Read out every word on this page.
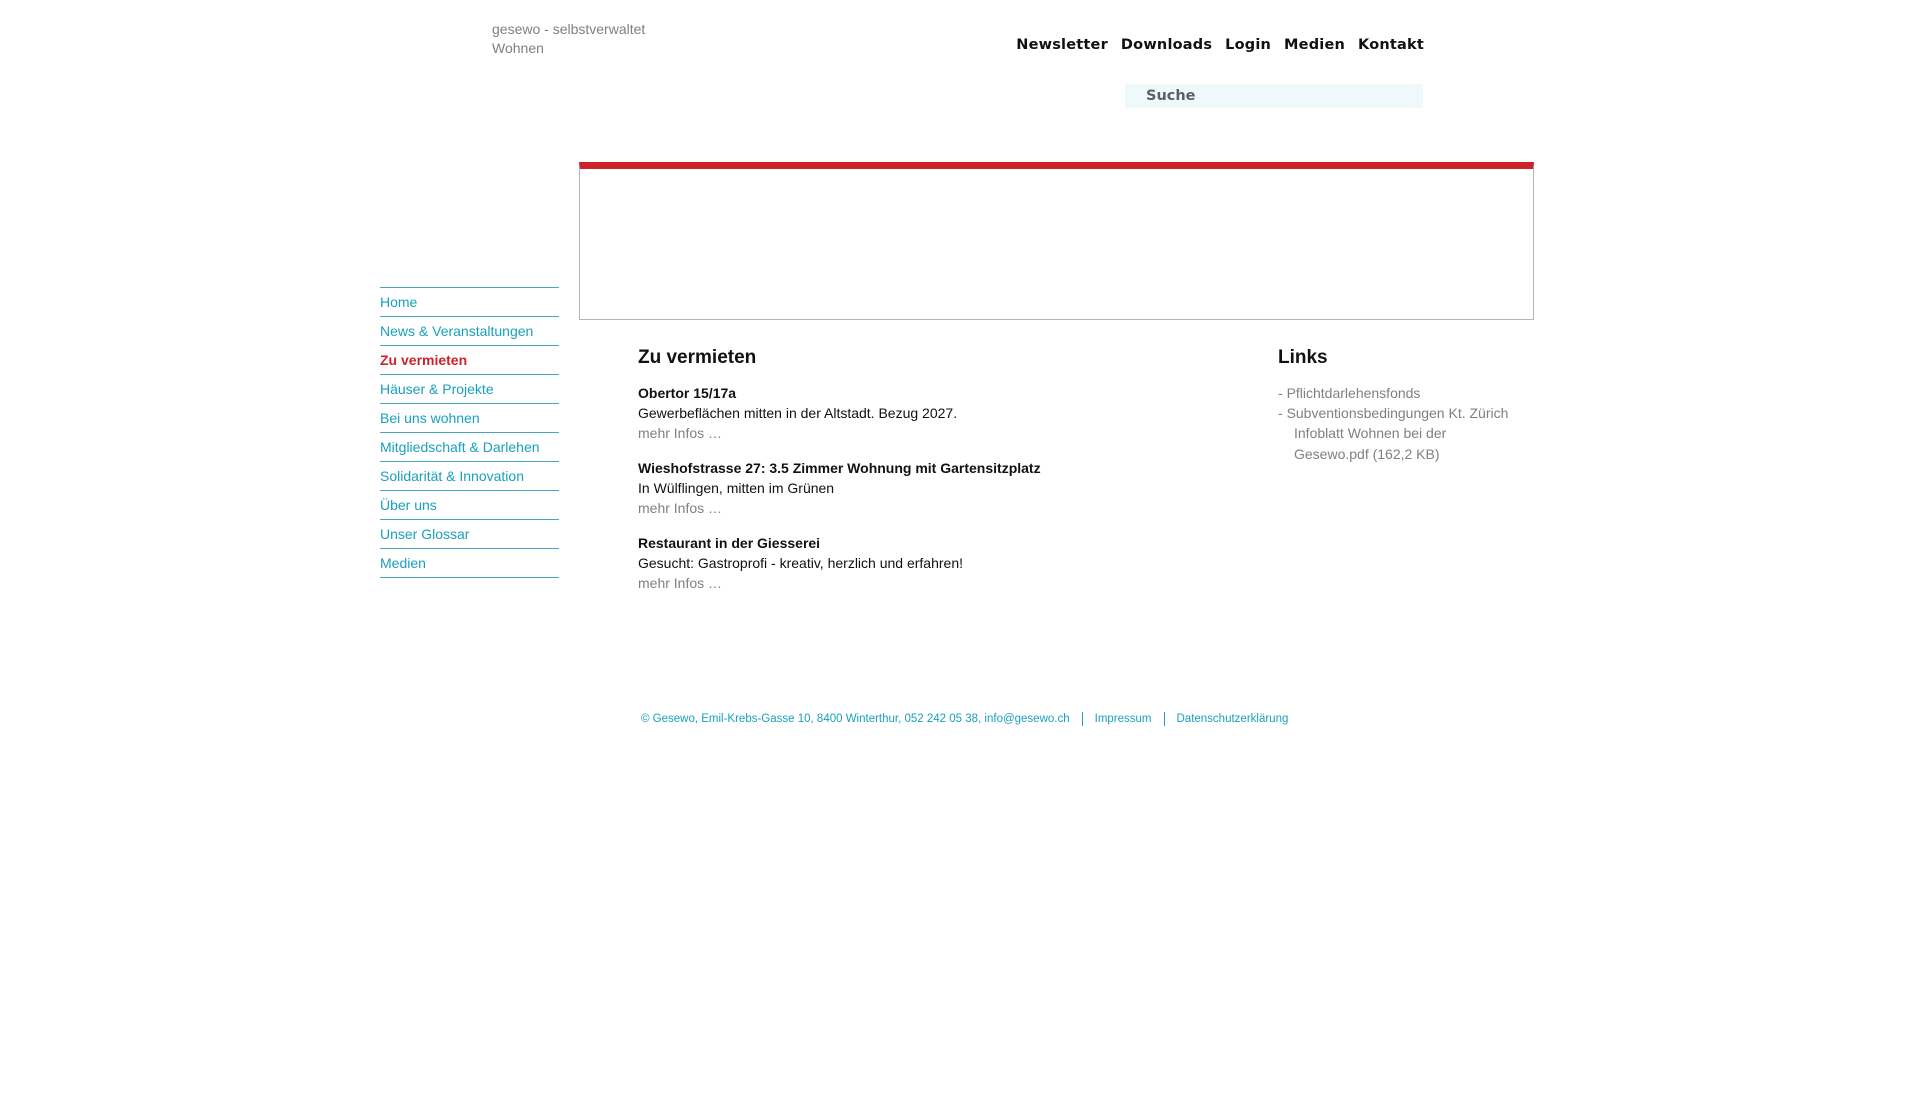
gesewo - selbstverwaltet
Wohnen	Newsletter Downloads Login Medien Kontakt
Suche
Home
News & Veranstaltungen
Zu vermieten
Häuser & Projekte
Bei uns wohnen
Mitgliedschaft & Darlehen
Solidarität & Innovation
Über uns
Unser Glossar
Medien
Zu vermieten
Obertor 15/17a
Gewerbeflächen mitten in der Altstadt. Bezug 2027.
mehr Infos …
Wieshofstrasse 27: 3.5 Zimmer Wohnung mit Gartensitzplatz
In Wülflingen, mitten im Grünen
mehr Infos …
Restaurant in der Giesserei
Gesucht: Gastroprofi - kreativ, herzlich und erfahren!
mehr Infos …
Links
- Pflichtdarlehensfonds
- Subventionsbedingungen Kt. Zürich
Infoblatt Wohnen bei der Gesewo.pdf (162,2 KB)
© Gesewo, Emil-Krebs-Gasse 10, 8400 Winterthur, 052 242 05 38, info@gesewo.ch Impressum Datenschutzerklärung
